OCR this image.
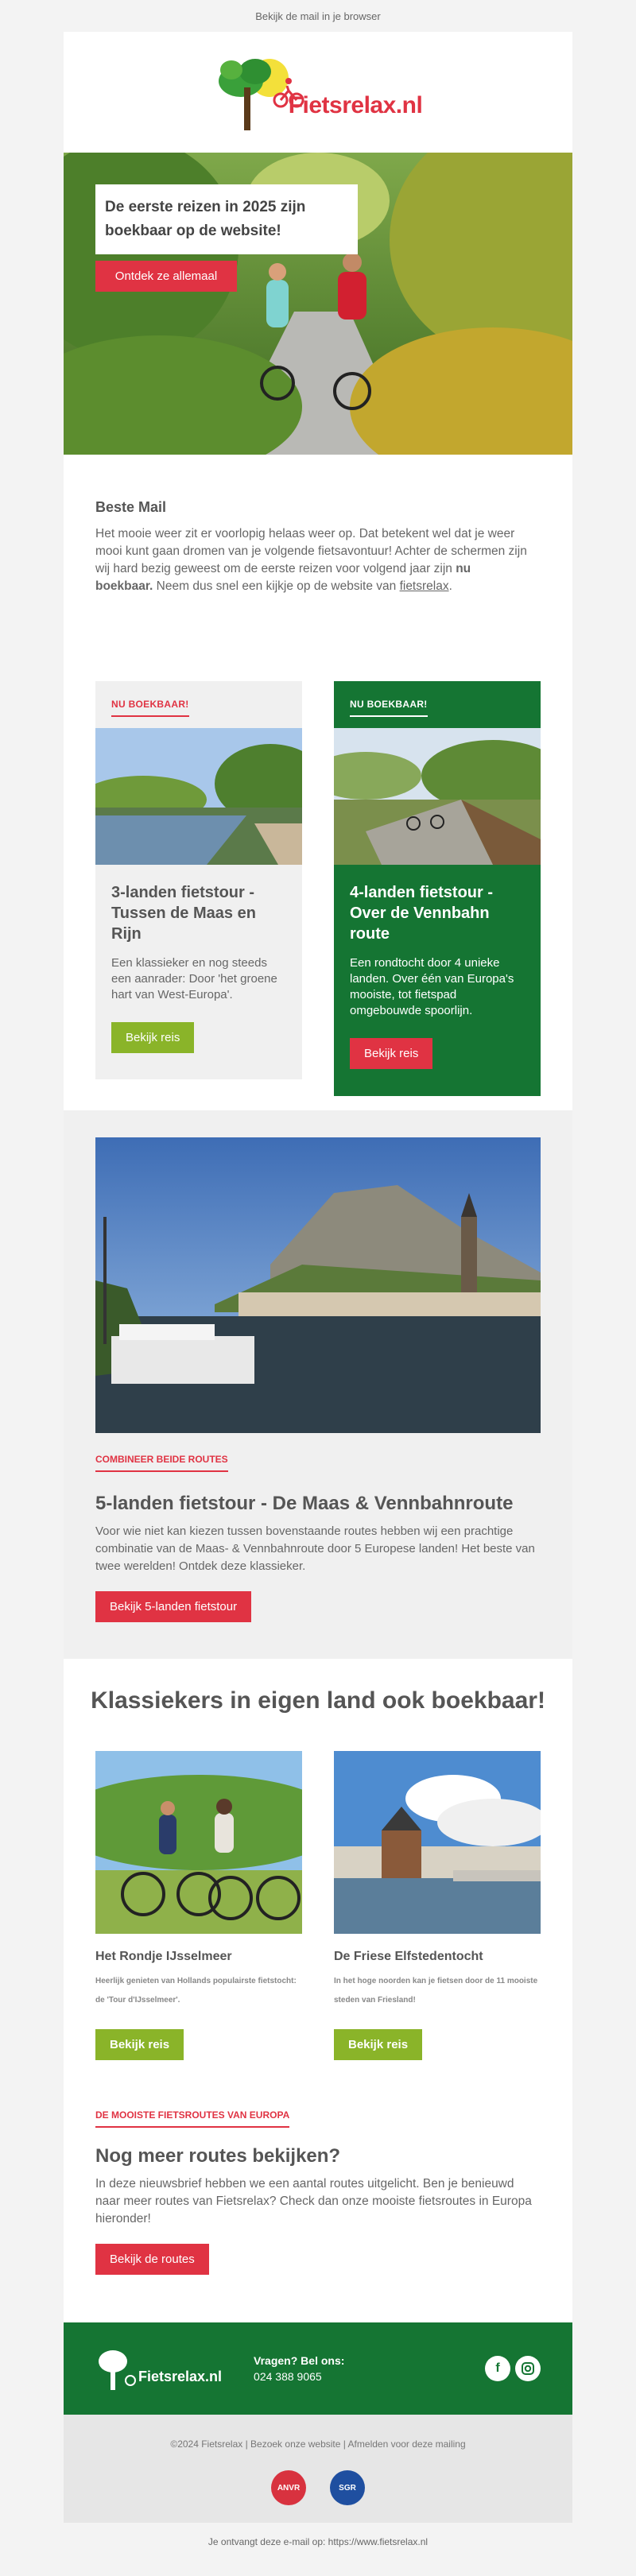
Bekijk de mail in je browser
Fietsrelax.nl
De eerste reizen in 2025 zijn boekbaar op de website!
Ontdek ze allemaal
Beste Mail

Het mooie weer zit er voorlopig helaas weer op. Dat betekent wel dat je weer mooi kunt gaan dromen van je volgende fietsavontuur! Achter de schermen zijn wij hard bezig geweest om de eerste reizen voor volgend jaar zijn nu boekbaar. Neem dus snel een kijkje op de website van fietsrelax.

NU BOEKBAAR!
3-landen fietstour - Tussen de Maas en Rijn

Een klassieker en nog steeds een aanrader: Door 'het groene hart van West-Europa'.

Bekijk reis
NU BOEKBAAR!
4-landen fietstour - Over de Vennbahn route

Een rondtocht door 4 unieke landen. Over één van Europa's mooiste, tot fietspad omgebouwde spoorlijn.

Bekijk reis
COMBINEER BEIDE ROUTES
5-landen fietstour - De Maas & Vennbahnroute

Voor wie niet kan kiezen tussen bovenstaande routes hebben wij een prachtige combinatie van de Maas- & Vennbahnroute door 5 Europese landen! Het beste van twee werelden! Ontdek deze klassieker.

Bekijk 5-landen fietstour
Klassiekers in eigen land ook boekbaar!
Het Rondje IJsselmeer

Heerlijk genieten van Hollands populairste fietstocht: de 'Tour d'IJsselmeer'.

Bekijk reis
De Friese Elfstedentocht

In het hoge noorden kan je fietsen door de 11 mooiste steden van Friesland!

Bekijk reis
DE MOOISTE FIETSROUTES VAN EUROPA
Nog meer routes bekijken?

In deze nieuwsbrief hebben we een aantal routes uitgelicht. Ben je benieuwd naar meer routes van Fietsrelax? Check dan onze mooiste fietsroutes in Europa hieronder!

Bekijk de routes
Fietsrelax.nl
Vragen? Bel ons:
024 388 9065
f
©2024 Fietsrelax | Bezoek onze website | Afmelden voor deze mailing
ANVR	SGR
Je ontvangt deze e-mail op: https://www.fietsrelax.nl
